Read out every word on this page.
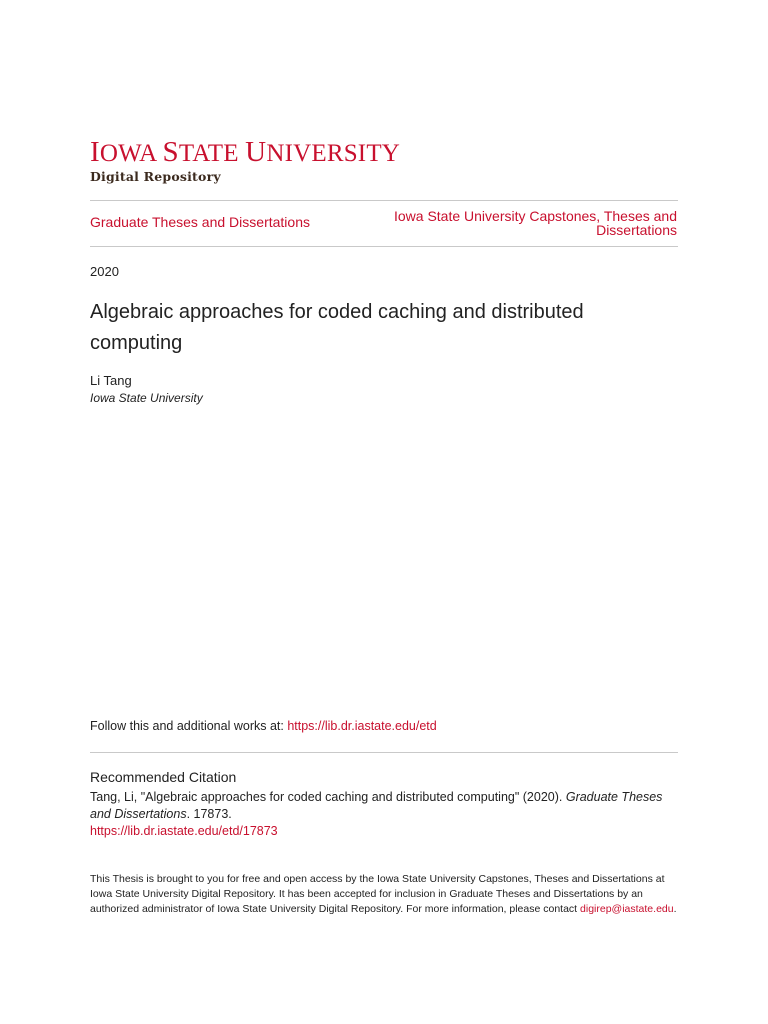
IOWA STATE UNIVERSITY
Digital Repository
Graduate Theses and Dissertations	Iowa State University Capstones, Theses and Dissertations
2020
Algebraic approaches for coded caching and distributed computing
Li Tang
Iowa State University
Follow this and additional works at: https://lib.dr.iastate.edu/etd
Recommended Citation
Tang, Li, "Algebraic approaches for coded caching and distributed computing" (2020). Graduate Theses and Dissertations. 17873.
https://lib.dr.iastate.edu/etd/17873
This Thesis is brought to you for free and open access by the Iowa State University Capstones, Theses and Dissertations at Iowa State University Digital Repository. It has been accepted for inclusion in Graduate Theses and Dissertations by an authorized administrator of Iowa State University Digital Repository. For more information, please contact digirep@iastate.edu.
